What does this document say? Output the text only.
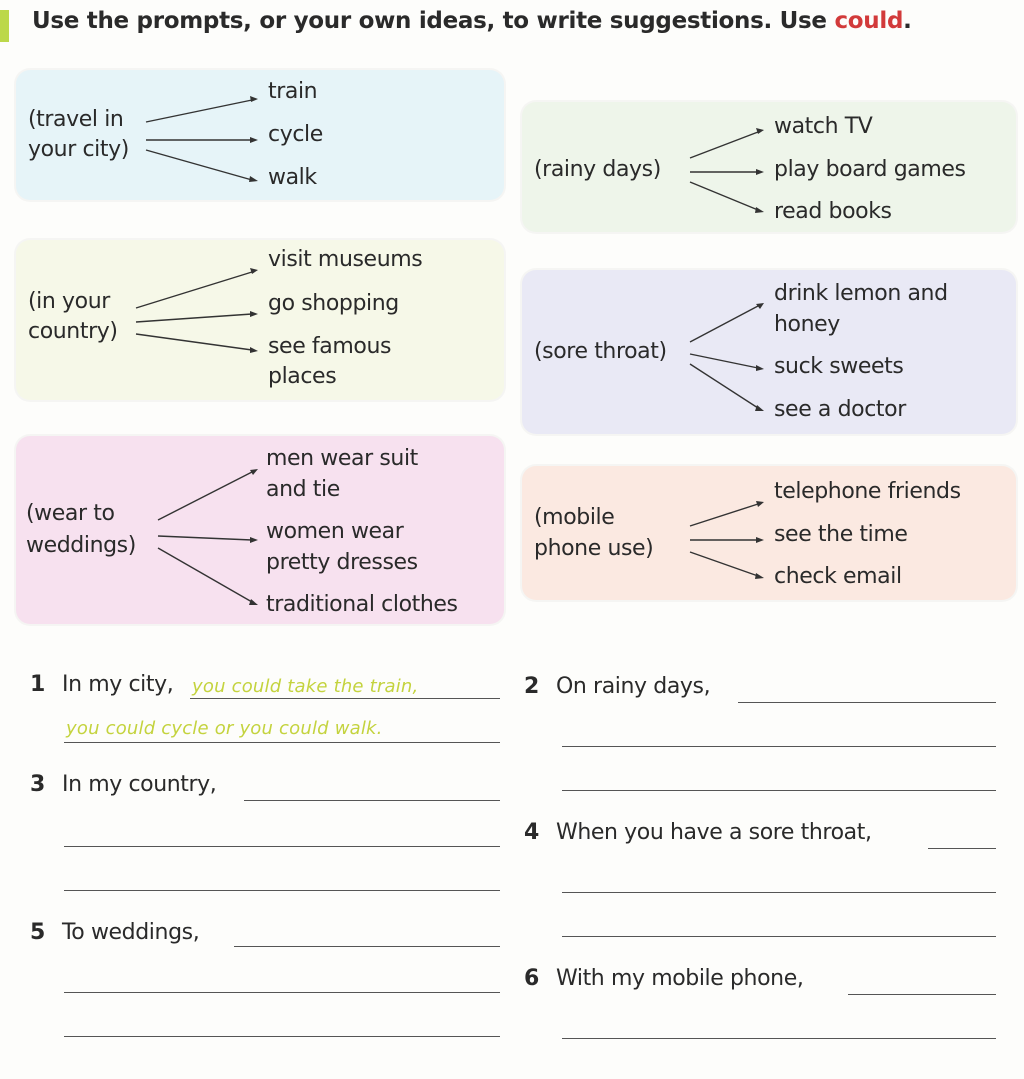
Use the prompts, or your own ideas, to write suggestions. Use could.
(travel in
your city)
train
cycle
walk	(rainy days)
watch TV
play board games
read books
(in your
country)
visit museums
go shopping
see famous
places
(sore throat)
drink lemon and
honey
suck sweets
see a doctor
(wear to
weddings)
men wear suit
and tie
women wear
pretty dresses
traditional clothes
(mobile
phone use)
telephone friends
see the time
check email
1 In my city, you could take the train,
you could cycle or you could walk.
2 On rainy days,
3 In my country,
4 When you have a sore throat,
5 To weddings,
6 With my mobile phone,
